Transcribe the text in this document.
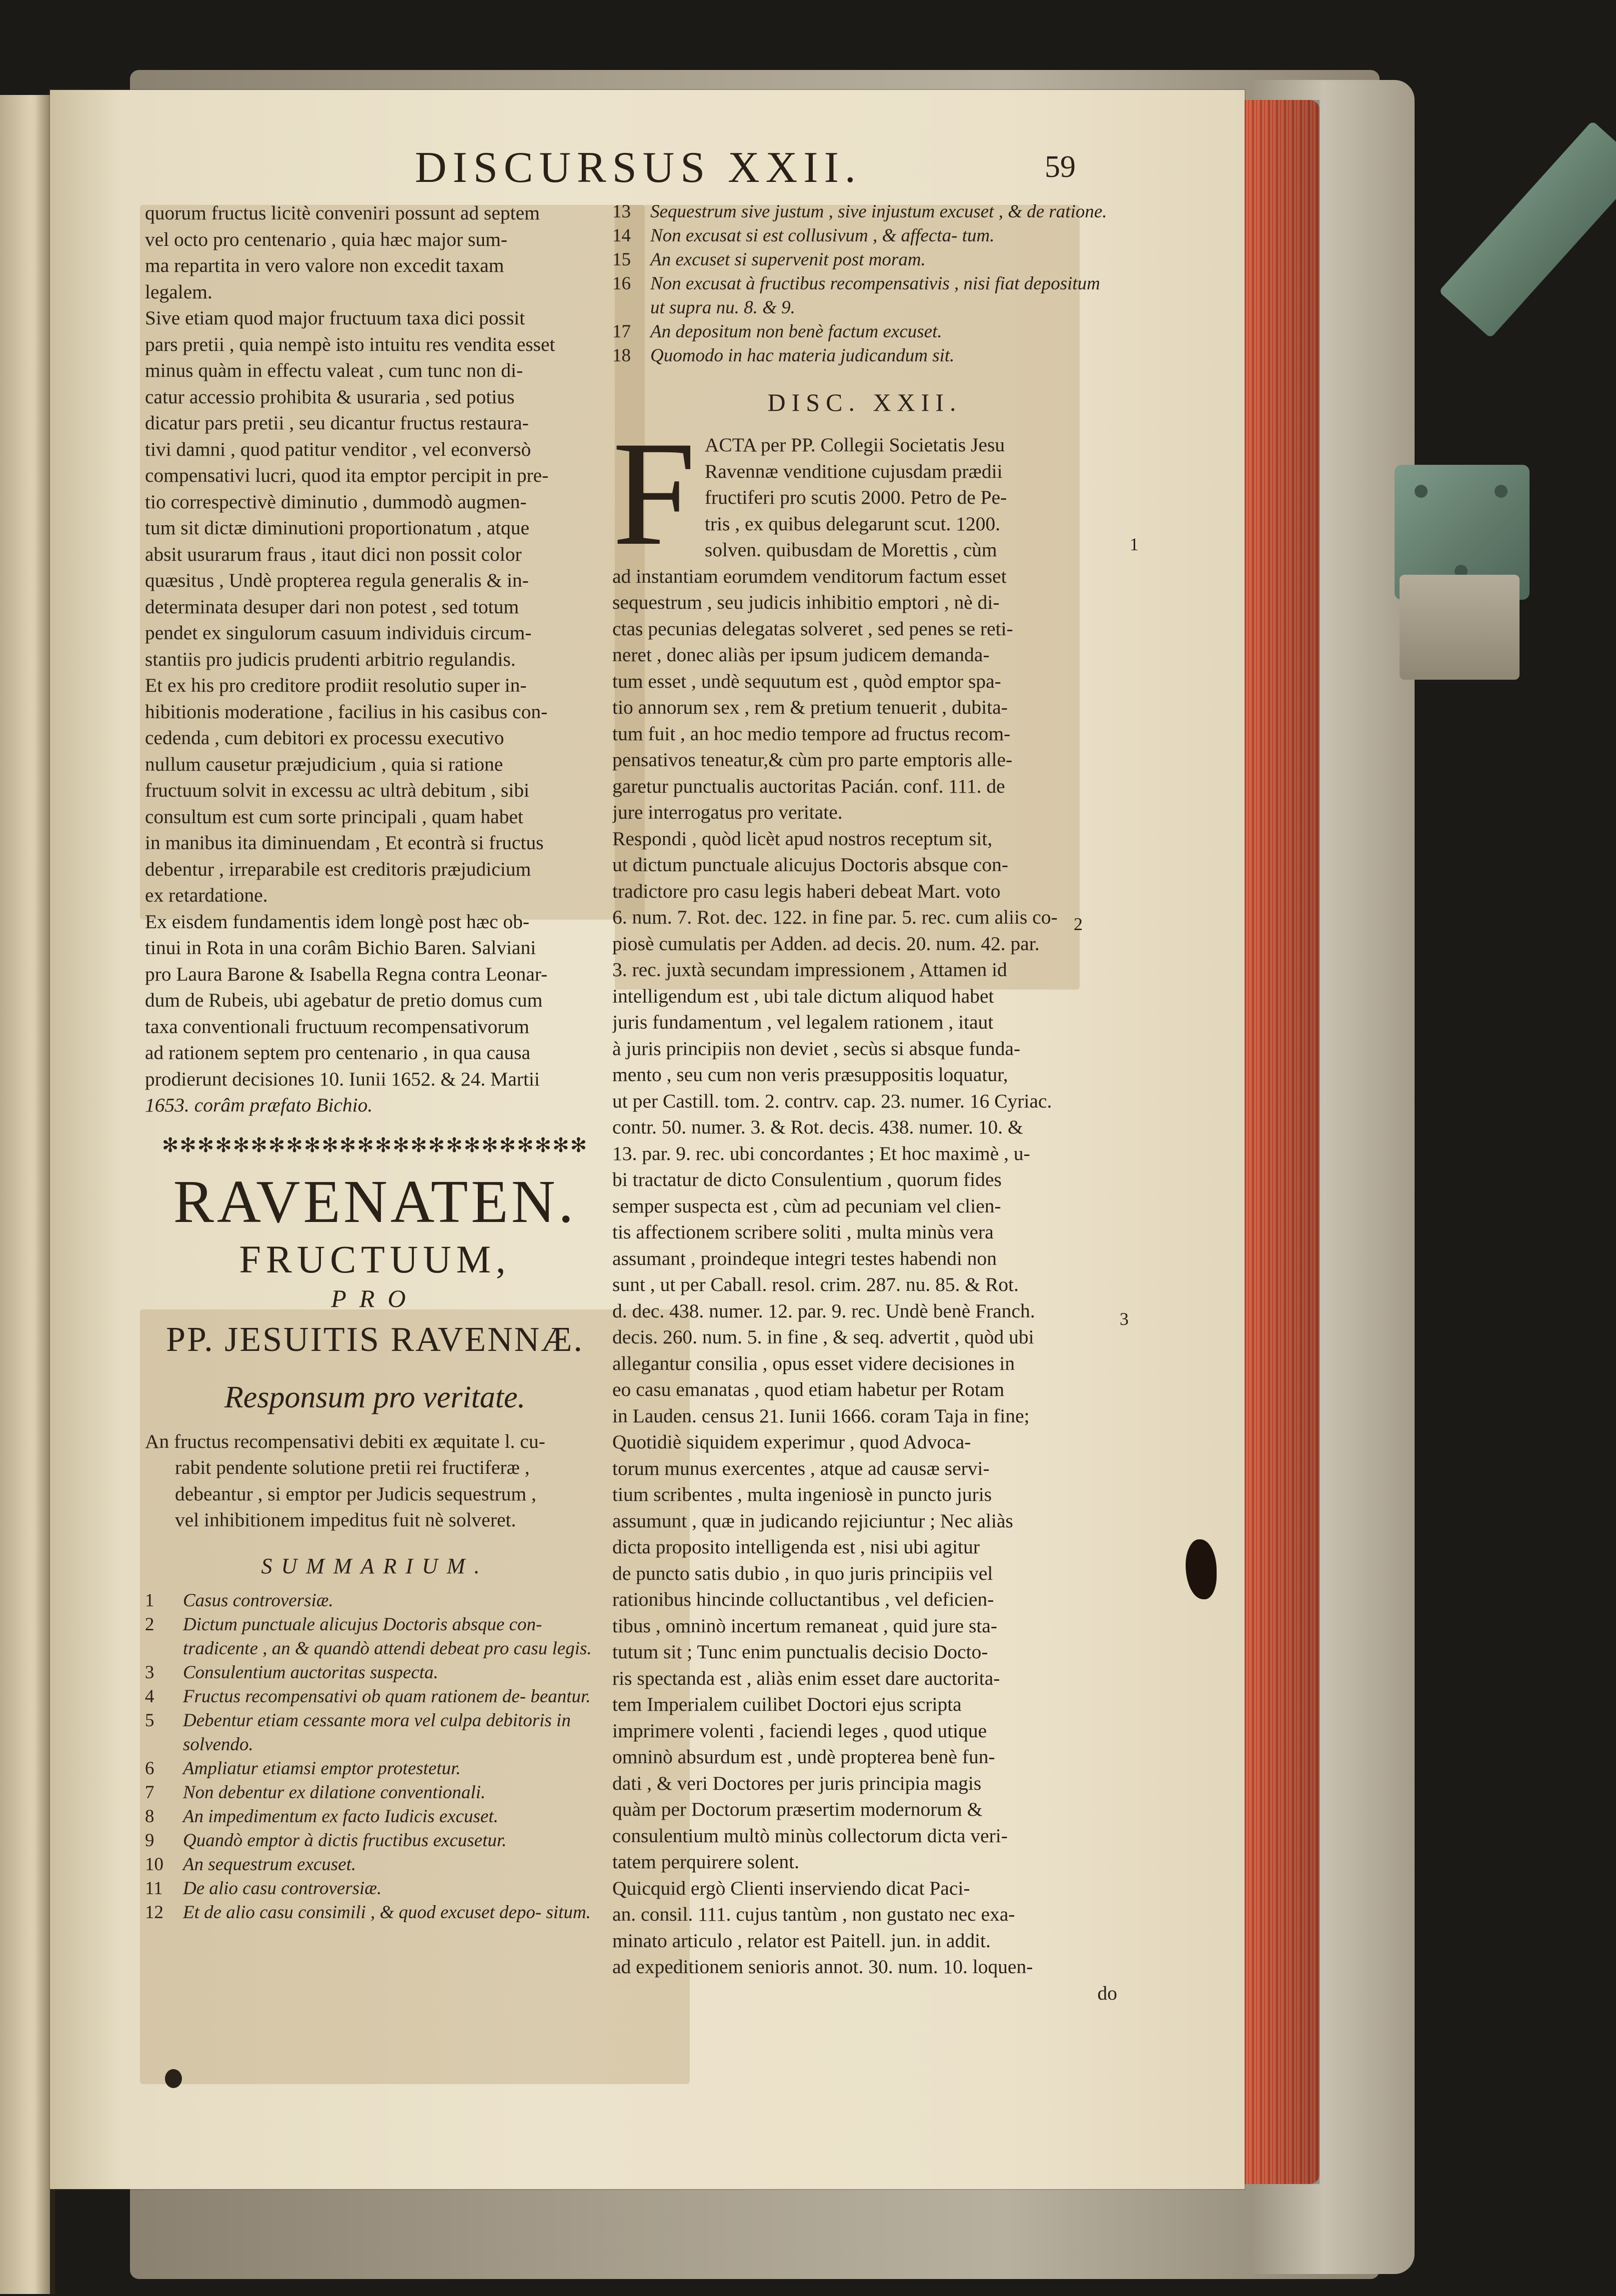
DISCURSUS XXII.	59

quorum fructus licitè conveniri possunt ad septem
vel octo pro centenario , quia hæc major sum-
ma repartita in vero valore non excedit taxam
legalem.

Sive etiam quod major fructuum taxa dici possit
pars pretii , quia nempè isto intuitu res vendita esset
minus quàm in effectu valeat , cum tunc non di-
catur accessio prohibita & usuraria , sed potius
dicatur pars pretii , seu dicantur fructus restaura-
tivi damni , quod patitur venditor , vel econversò
compensativi lucri, quod ita emptor percipit in pre-
tio correspectivè diminutio , dummodò augmen-
tum sit dictæ diminutioni proportionatum , atque
absit usurarum fraus , itaut dici non possit color
quæsitus , Undè propterea regula generalis & in-
determinata desuper dari non potest , sed totum
pendet ex singulorum casuum individuis circum-
stantiis pro judicis prudenti arbitrio regulandis.

Et ex his pro creditore prodiit resolutio super in-
hibitionis moderatione , facilius in his casibus con-
cedenda , cum debitori ex processu executivo
nullum causetur præjudicium , quia si ratione
fructuum solvit in excessu ac ultrà debitum , sibi
consultum est cum sorte principali , quam habet
in manibus ita diminuendam , Et econtrà si fructus
debentur , irreparabile est creditoris præjudicium
ex retardatione.

Ex eisdem fundamentis idem longè post hæc ob-
tinui in Rota in una corâm Bichio Baren. Salviani
pro Laura Barone & Isabella Regna contra Leonar-
dum de Rubeis, ubi agebatur de pretio domus cum
taxa conventionali fructuum recompensativorum
ad rationem septem pro centenario , in qua causa
prodierunt decisiones 10. Iunii 1652. & 24. Martii
1653. corâm præfato Bichio.

✻✻✻✻✻✻✻✻✻✻✻✻✻✻✻✻✻✻✻✻✻✻✻✻
RAVENATEN.
FRUCTUUM,
PRO
PP. JESUITIS RAVENNÆ.
Responsum pro veritate.

An fructus recompensativi debiti ex æquitate l. cu-
rabit pendente solutione pretii rei fructiferæ ,
debeantur , si emptor per Judicis sequestrum ,
vel inhibitionem impeditus fuit nè solveret.

SUMMARIUM.
1	Casus controversiæ.
2	Dictum punctuale alicujus Doctoris absque con- tradicente , an & quandò attendi debeat pro casu legis.
3	Consulentium auctoritas suspecta.
4	Fructus recompensativi ob quam rationem de- beantur.
5	Debentur etiam cessante mora vel culpa debitoris in solvendo.
6	Ampliatur etiamsi emptor protestetur.
7	Non debentur ex dilatione conventionali.
8	An impedimentum ex facto Iudicis excuset.
9	Quandò emptor à dictis fructibus excusetur.
10	An sequestrum excuset.
11	De alio casu controversiæ.
12	Et de alio casu consimili , & quod excuset depo- situm.
13	Sequestrum sive justum , sive injustum excuset , & de ratione.
14	Non excusat si est collusivum , & affecta- tum.
15	An excuset si supervenit post moram.
16	Non excusat à fructibus recompensativis , nisi fiat depositum ut supra nu. 8. & 9.
17	An depositum non benè factum excuset.
18	Quomodo in hac materia judicandum sit.
DISC. XXII.
F ACTA per PP. Collegii Societatis Jesu
Ravennæ venditione cujusdam prædii
fructiferi pro scutis 2000. Petro de Pe-
tris , ex quibus delegarunt scut. 1200.
solven. quibusdam de Morettis , cùm

ad instantiam eorumdem venditorum factum esset
sequestrum , seu judicis inhibitio emptori , nè di-
ctas pecunias delegatas solveret , sed penes se reti-
neret , donec aliàs per ipsum judicem demanda-
tum esset , undè sequutum est , quòd emptor spa-
tio annorum sex , rem & pretium tenuerit , dubita-
tum fuit , an hoc medio tempore ad fructus recom-
pensativos teneatur,& cùm pro parte emptoris alle-
garetur punctualis auctoritas Pacián. conf. 111. de
jure interrogatus pro veritate.

Respondi , quòd licèt apud nostros receptum sit,
ut dictum punctuale alicujus Doctoris absque con-
tradictore pro casu legis haberi debeat Mart. voto
6. num. 7. Rot. dec. 122. in fine par. 5. rec. cum aliis co-
piosè cumulatis per Adden. ad decis. 20. num. 42. par.
3. rec. juxtà secundam impressionem , Attamen id
intelligendum est , ubi tale dictum aliquod habet
juris fundamentum , vel legalem rationem , itaut
à juris principiis non deviet , secùs si absque funda-
mento , seu cum non veris præsuppositis loquatur,
ut per Castill. tom. 2. contrv. cap. 23. numer. 16 Cyriac.
contr. 50. numer. 3. & Rot. decis. 438. numer. 10. &
13. par. 9. rec. ubi concordantes ; Et hoc maximè , u-
bi tractatur de dicto Consulentium , quorum fides
semper suspecta est , cùm ad pecuniam vel clien-
tis affectionem scribere soliti , multa minùs vera
assumant , proindeque integri testes habendi non
sunt , ut per Caball. resol. crim. 287. nu. 85. & Rot.
d. dec. 438. numer. 12. par. 9. rec. Undè benè Franch.
decis. 260. num. 5. in fine , & seq. advertit , quòd ubi
allegantur consilia , opus esset videre decisiones in
eo casu emanatas , quod etiam habetur per Rotam
in Lauden. census 21. Iunii 1666. coram Taja in fine;
Quotidiè siquidem experimur , quod Advoca-
torum munus exercentes , atque ad causæ servi-
tium scribentes , multa ingeniosè in puncto juris
assumunt , quæ in judicando rejiciuntur ; Nec aliàs
dicta proposito intelligenda est , nisi ubi agitur
de puncto satis dubio , in quo juris principiis vel
rationibus hincinde colluctantibus , vel deficien-
tibus , omninò incertum remaneat , quid jure sta-
tutum sit ; Tunc enim punctualis decisio Docto-
ris spectanda est , aliàs enim esset dare auctorita-
tem Imperialem cuilibet Doctori ejus scripta
imprimere volenti , faciendi leges , quod utique
omninò absurdum est , undè propterea benè fun-
dati , & veri Doctores per juris principia magis
quàm per Doctorum præsertim modernorum &
consulentium multò minùs collectorum dicta veri-
tatem perquirere solent.

Quicquid ergò Clienti inserviendo dicat Paci-
an. consil. 111. cujus tantùm , non gustato nec exa-
minato articulo , relator est Paitell. jun. in addit.
ad expeditionem senioris annot. 30. num. 10. loquen-

do

1
2
3
